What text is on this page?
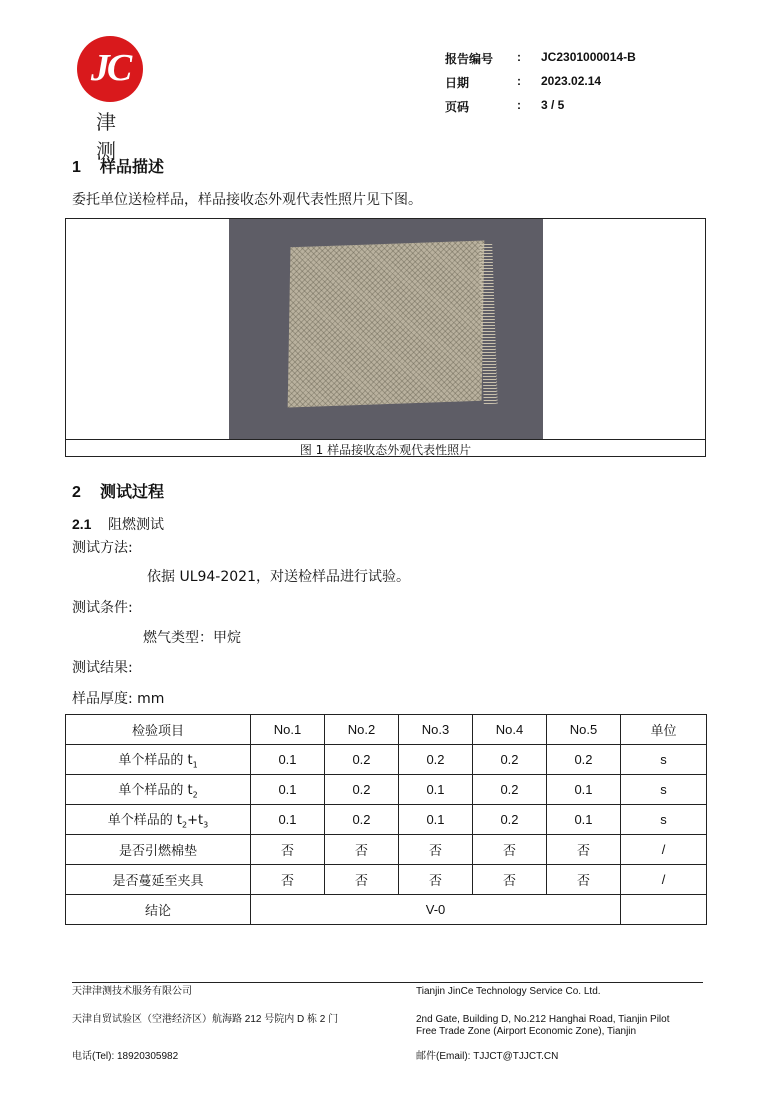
JC
津 测
报告编号	:	JC2301000014-B
日期	:	2023.02.14
页码	:	3 / 5
1 样品描述
委托单位送检样品，样品接收态外观代表性照片见下图。
图 1 样品接收态外观代表性照片
2 测试过程
2.1 阻燃测试
测试方法:
依据 UL94-2021，对送检样品进行试验。
测试条件:
燃气类型：甲烷
测试结果:
样品厚度: mm
检验项目	No.1	No.2	No.3	No.4	No.5	单位
单个样品的 $t_1$	0.1	0.2	0.2	0.2	0.2	s
单个样品的 $t_2$	0.1	0.2	0.1	0.2	0.1	s
单个样品的 $t_2+t_3$	0.1	0.2	0.1	0.2	0.1	s
是否引燃棉垫	否	否	否	否	否	/
是否蔓延至夹具	否	否	否	否	否	/
结论	V-0					
天津津测技术服务有限公司	Tianjin JinCe Technology Service Co. Ltd.
天津自贸试验区（空港经济区）航海路 212 号院内 D 栋 2 门	2nd Gate, Building D, No.212 Hanghai Road, Tianjin Pilot
Free Trade Zone (Airport Economic Zone), Tianjin
电话(Tel): 18920305982	邮件(Email): TJJCT@TJJCT.CN
